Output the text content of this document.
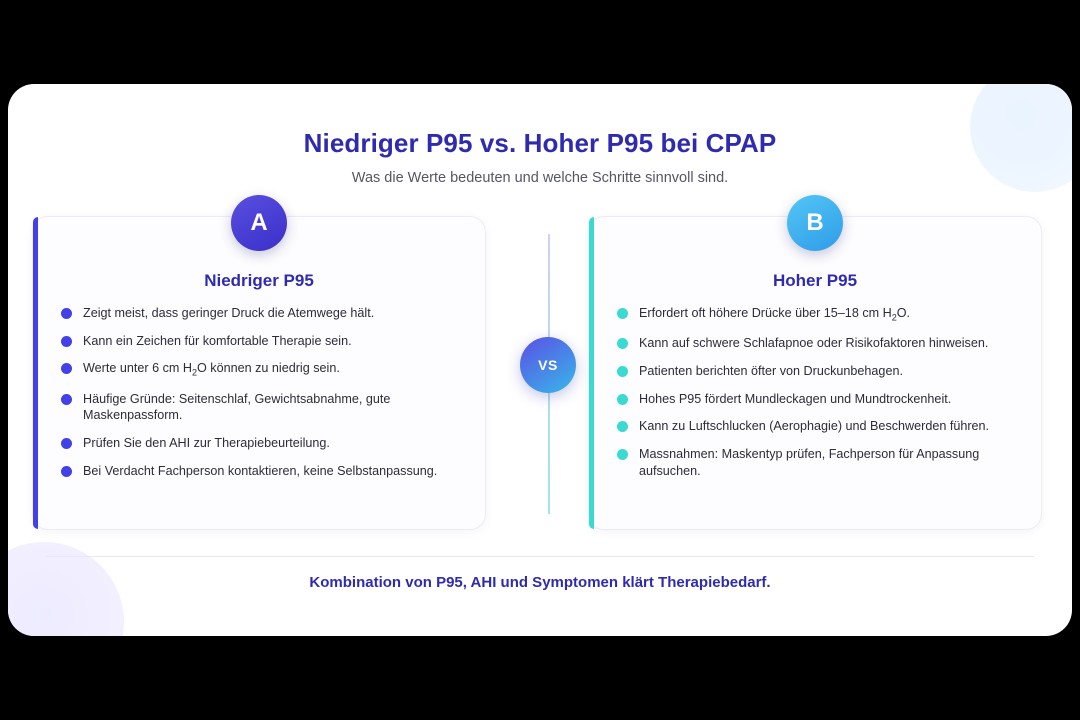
Niedriger P95 vs. Hoher P95 bei CPAP
Was die Werte bedeuten und welche Schritte sinnvoll sind.
A
Niedriger P95
Zeigt meist, dass geringer Druck die Atemwege hält.
Kann ein Zeichen für komfortable Therapie sein.
Werte unter 6 cm $H_2O$ können zu niedrig sein.
Häufige Gründe: Seitenschlaf, Gewichtsabnahme, gute Maskenpassform.
Prüfen Sie den AHI zur Therapiebeurteilung.
Bei Verdacht Fachperson kontaktieren, keine Selbstanpassung.
B
Hoher P95
Erfordert oft höhere Drücke über 15–18 cm $H_2O$.
Kann auf schwere Schlafapnoe oder Risikofaktoren hinweisen.
Patienten berichten öfter von Druckunbehagen.
Hohes P95 fördert Mundleckagen und Mundtrockenheit.
Kann zu Luftschlucken (Aerophagie) und Beschwerden führen.
Massnahmen: Maskentyp prüfen, Fachperson für Anpassung aufsuchen.
VS
Kombination von P95, AHI und Symptomen klärt Therapiebedarf.
